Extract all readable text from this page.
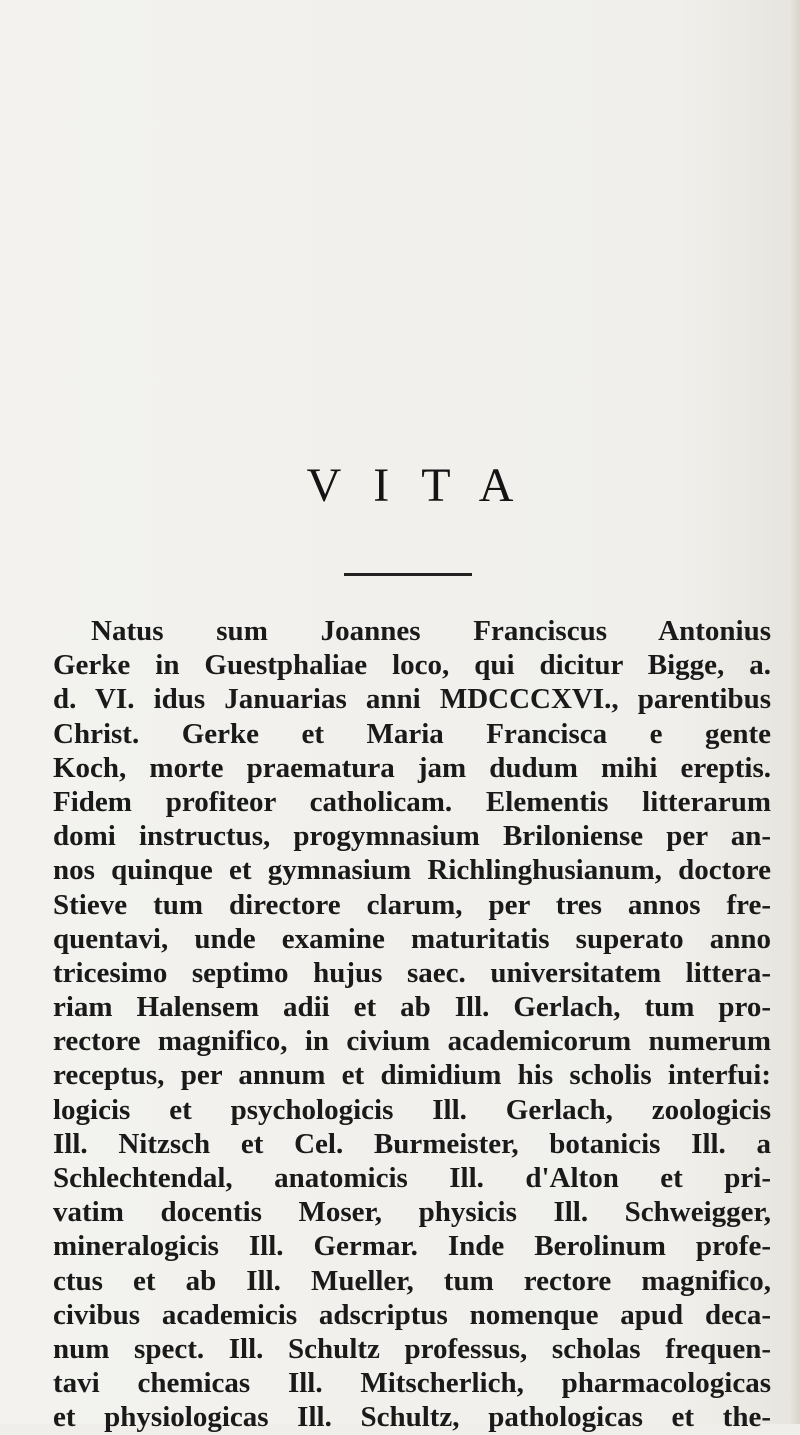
VITA
Natus sum Joannes Franciscus Antonius
Gerke in Guestphaliae loco, qui dicitur Bigge, a.
d. VI. idus Januarias anni MDCCCXVI., parentibus
Christ. Gerke et Maria Francisca e gente
Koch, morte praematura jam dudum mihi ereptis.
Fidem profiteor catholicam. Elementis litterarum
domi instructus, progymnasium Briloniense per an-
nos quinque et gymnasium Richlinghusianum, doctore
Stieve tum directore clarum, per tres annos fre-
quentavi, unde examine maturitatis superato anno
tricesimo septimo hujus saec. universitatem littera-
riam Halensem adii et ab Ill. Gerlach, tum pro-
rectore magnifico, in civium academicorum numerum
receptus, per annum et dimidium his scholis interfui:
logicis et psychologicis Ill. Gerlach, zoologicis
Ill. Nitzsch et Cel. Burmeister, botanicis Ill. a
Schlechtendal, anatomicis Ill. d'Alton et pri-
vatim docentis Moser, physicis Ill. Schweigger,
mineralogicis Ill. Germar. Inde Berolinum profe-
ctus et ab Ill. Mueller, tum rectore magnifico,
civibus academicis adscriptus nomenque apud deca-
num spect. Ill. Schultz professus, scholas frequen-
tavi chemicas Ill. Mitscherlich, pharmacologicas
et physiologicas Ill. Schultz, pathologicas et the-
